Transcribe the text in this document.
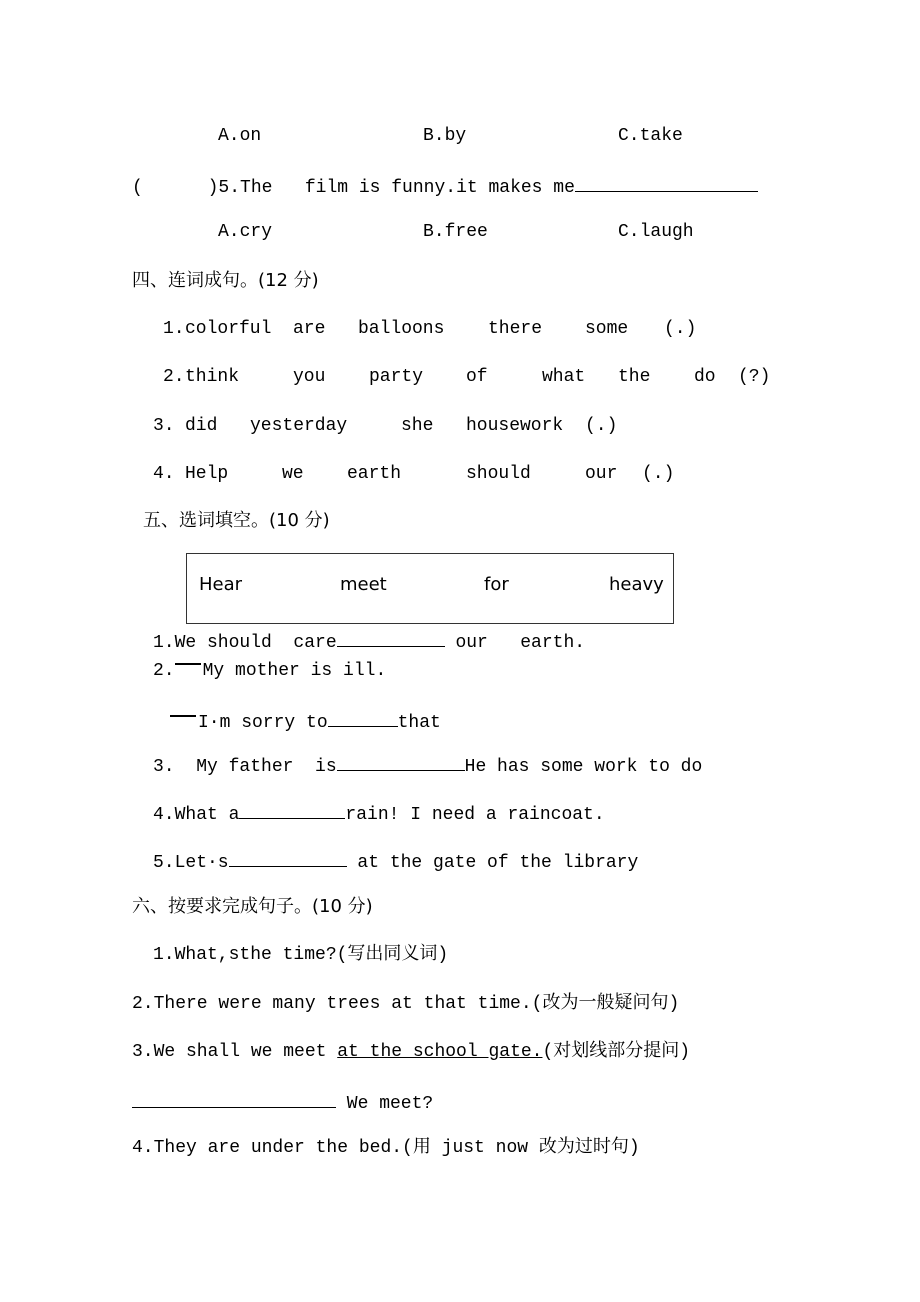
A.on	B.by	C.take
(      )5.The   film is funny.it makes me
A.cry	B.free	C.laugh
四、连词成句。(12 分)
1. colorful are balloons there some (.)
2. think	you party of	what the do (?)
3. did yesterday	she housework (.)
4. Help	we earth	should	our (.)
五、选词填空。(10 分)
Hear	meet	for	heavy
1.We should  care	our   earth.
2. My mother is ill.
I·m sorry to	that
3.  My father  is	He has some work to do
4.What a	rain! I need a raincoat.
5.Let·s	at the gate of the library
六、按要求完成句子。(10 分)
1.What,sthe time?(写出同义词)
2.There were many trees at that time.(改为一般疑问句)
3.We shall we meet at the school gate.(对划线部分提问)
We meet?
4.They are under the bed.(用 just now 改为过时句)
